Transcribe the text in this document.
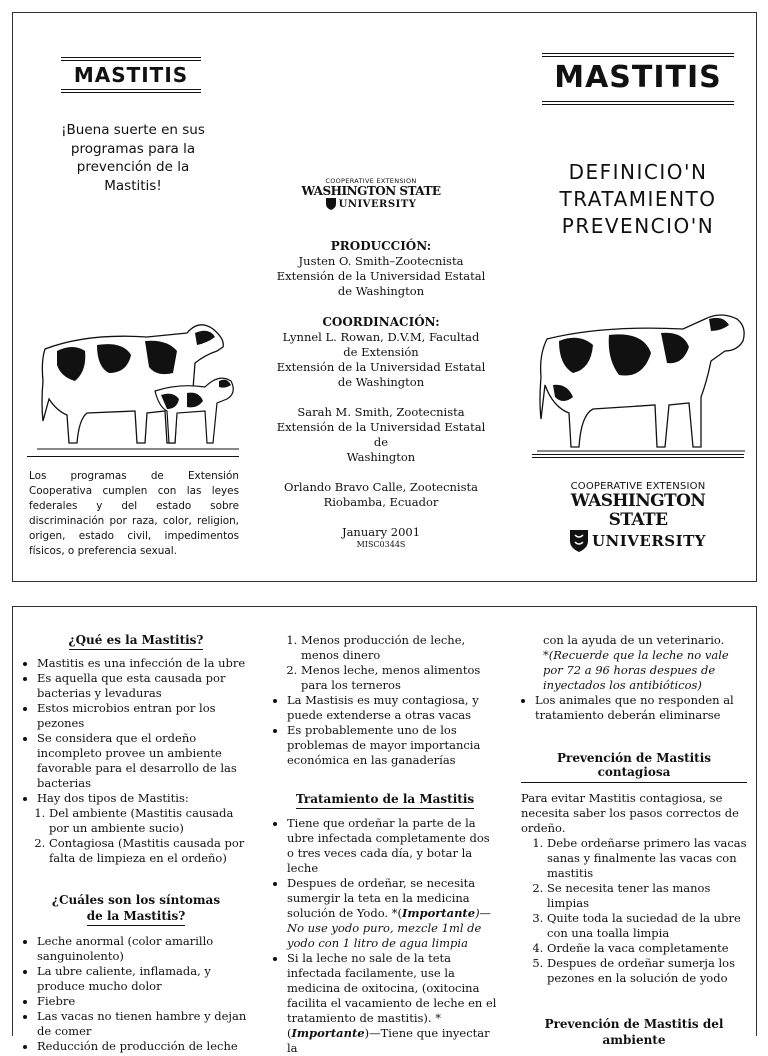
MASTITIS
¡Buena suerte en sus
programas para la
prevención de la
Mastitis!
Los programas de Extensión Cooperativa cumplen con las leyes federales y del estado sobre discriminación por raza, color, religion, origen, estado civil, impedimentos físicos, o preferencia sexual.
COOPERATIVE EXTENSION
WASHINGTON STATE
UNIVERSITY
PRODUCCIÓN:
Justen O. Smith–Zootecnista
Extensión de la Universidad Estatal
de Washington
COORDINACIÓN:
Lynnel L. Rowan, D.V.M, Facultad
de Extensión
Extensión de la Universidad Estatal
de Washington
Sarah M. Smith, Zootecnista
Extensión de la Universidad Estatal de
Washington
Orlando Bravo Calle, Zootecnista
Riobamba, Ecuador
January 2001
MISC0344S
MASTITIS
DEFINICIO'N
TRATAMIENTO
PREVENCIO'N
COOPERATIVE EXTENSION
WASHINGTON STATE
UNIVERSITY
¿Qué es la Mastitis?
• Mastitis es una infección de la ubre
• Es aquella que esta causada por bacterias y levaduras
• Estos microbios entran por los pezones
• Se considera que el ordeño incompleto provee un ambiente favorable para el desarrollo de las bacterias
• Hay dos tipos de Mastitis:
1. Del ambiente (Mastitis causada por un ambiente sucio)
2. Contagiosa (Mastitis causada por falta de limpieza en el ordeño)
¿Cuáles son los síntomas
de la Mastitis?
• Leche anormal (color amarillo sanguinolento)
• La ubre caliente, inflamada, y produce mucho dolor
• Fiebre
• Las vacas no tienen hambre y dejan de comer
• Reducción de producción de leche
1. Menos producción de leche, menos dinero
2. Menos leche, menos alimentos para los terneros
• La Mastisis es muy contagiosa, y puede extenderse a otras vacas
• Es probablemente uno de los problemas de mayor importancia económica en las ganaderías
Tratamiento de la Mastitis
• Tiene que ordeñar la parte de la ubre infectada completamente dos o tres veces cada día, y botar la leche
• Despues de ordeñar, se necesita sumergir la teta en la medicina solución de Yodo. *(Importante)—No use yodo puro, mezcle 1ml de yodo con 1 litro de agua limpia
• Si la leche no sale de la teta infectada facilamente, use la medicina de oxitocina, (oxitocina facilita el vacamiento de leche en el tratamiento de mastitis). *(Importante)—Tiene que inyectar la
con la ayuda de un veterinario.
*(Recuerde que la leche no vale por 72 a 96 horas despues de inyectados los antibióticos)
• Los animales que no responden al tratamiento deberán eliminarse
Prevención de Mastitis contagiosa
Para evitar Mastitis contagiosa, se necesita saber los pasos correctos de ordeño.
1. Debe ordeñarse primero las vacas sanas y finalmente las vacas con mastitis
2. Se necesita tener las manos limpias
3. Quite toda la suciedad de la ubre con una toalla limpia
4. Ordeñe la vaca completamente
5. Despues de ordeñar sumerja los pezones en la solución de yodo
Prevención de Mastitis del
ambiente
